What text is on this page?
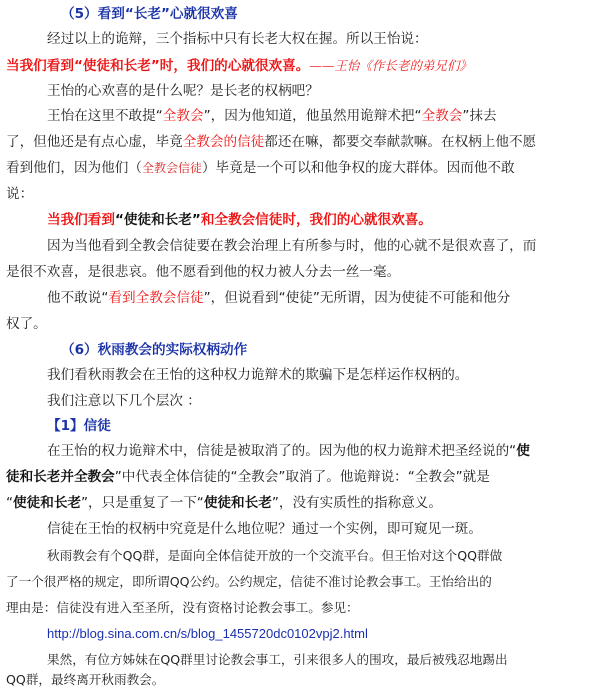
（5）看到“长老”心就很欢喜
经过以上的诡辩，三个指标中只有长老大权在握。所以王怡说：
当我们看到“使徒和长老”时，我们的心就很欢喜。——王怡《作长老的弟兄们》
王怡的心欢喜的是什么呢？是长老的权柄吧？
王怡在这里不敢提“全教会”，因为他知道，他虽然用诡辩术把“全教会”抹去
了，但他还是有点心虚，毕竟全教会的信徒都还在嘛，都要交奉献款嘛。在权柄上他不愿
看到他们，因为他们（全教会信徒）毕竟是一个可以和他争权的庞大群体。因而他不敢
说：
当我们看到“使徒和长老”和全教会信徒时，我们的心就很欢喜。
因为当他看到全教会信徒要在教会治理上有所参与时，他的心就不是很欢喜了，而
是很不欢喜，是很悲哀。他不愿看到他的权力被人分去一丝一毫。
他不敢说“看到全教会信徒”，但说看到“使徒”无所谓，因为使徒不可能和他分
权了。
（6）秋雨教会的实际权柄动作
我们看秋雨教会在王怡的这种权力诡辩术的欺骗下是怎样运作权柄的。
我们注意以下几个层次 ：
【1】信徒
在王怡的权力诡辩术中，信徒是被取消了的。因为他的权力诡辩术把圣经说的“使
徒和长老并全教会”中代表全体信徒的“全教会”取消了。他诡辩说：“全教会”就是
“使徒和长老”，只是重复了一下“使徒和长老”，没有实质性的指称意义。
信徒在王怡的权柄中究竟是什么地位呢？通过一个实例，即可窥见一斑。
秋雨教会有个QQ群，是面向全体信徒开放的一个交流平台。但王怡对这个QQ群做
了一个很严格的规定，即所谓QQ公约。公约规定，信徒不准讨论教会事工。王怡给出的
理由是：信徒没有进入至圣所，没有资格讨论教会事工。参见：
http://blog.sina.com.cn/s/blog_1455720dc0102vpj2.html
果然，有位方姊妹在QQ群里讨论教会事工，引来很多人的围攻，最后被残忍地踢出
QQ群，最终离开秋雨教会。
